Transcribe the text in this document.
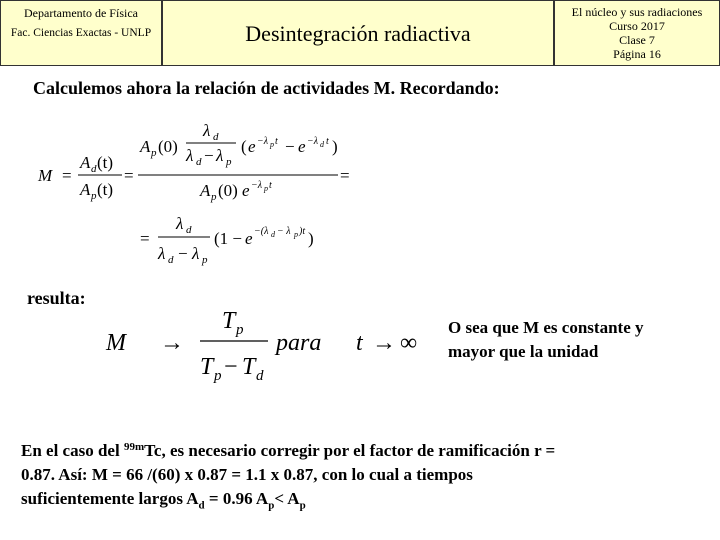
Departamento de Física
Fac. Ciencias Exactas - UNLP	Desintegración radiactiva
El núcleo y sus radiaciones
Curso 2017
Clase 7
Página 16
Calculemos ahora la relación de actividades M. Recordando:
M =
A d (t)
A p (t)
=
A p (0)
λ d
λ d − λ p
( e −λ p t − e −λ d t )
A p (0) e −λ p t
=
=
λ d
λ d − λ p
(1 − e −(λ d − λ p )t )
resulta:
M →
T p
T p − T d
para t → ∞
O sea que M es constante y
mayor que la unidad
En el caso del $^{99m}$Tc, es necesario corregir por el factor de ramificación r =
0.87. Así: M = 66 /(60) x 0.87 = 1.1 x 0.87, con lo cual a tiempos
suficientemente largos $A_d = 0.96$ $A_p< A_p$
